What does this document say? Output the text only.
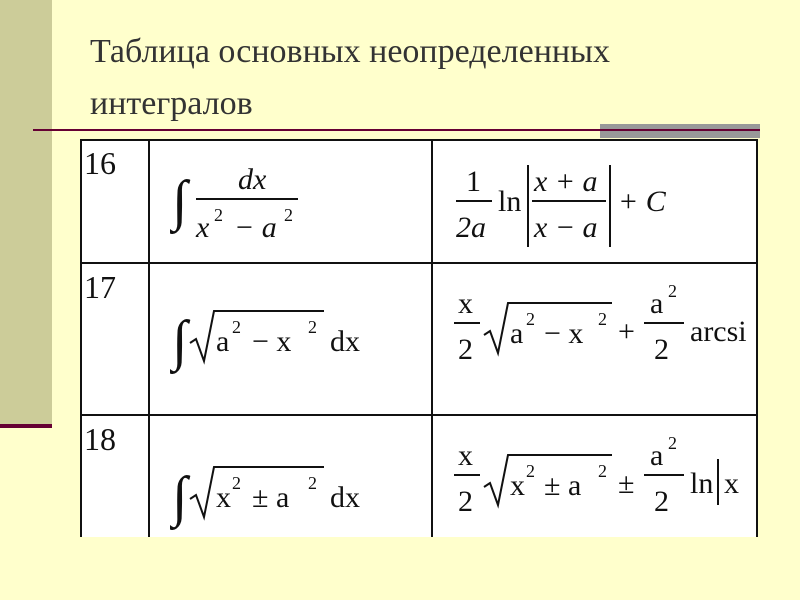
Таблица основных неопределенных интегралов
16
∫ dx
x 2 − a 2
1
2a
ln
x + a
x − a
+ C
17
∫ a 2 − x 2 dx
x
2 a 2 − x 2 +
a 2
2
arcsi
18
∫ x 2 ± a 2 dx
x
2 x 2 ± a 2 ±
a 2
2
ln x
